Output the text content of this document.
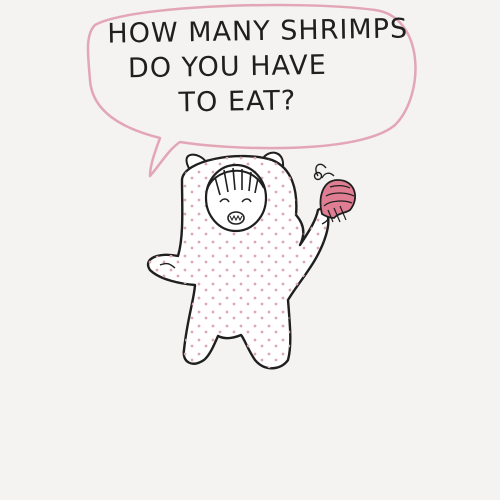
HOW MANY SHRIMPS
DO YOU HAVE
TO EAT?
